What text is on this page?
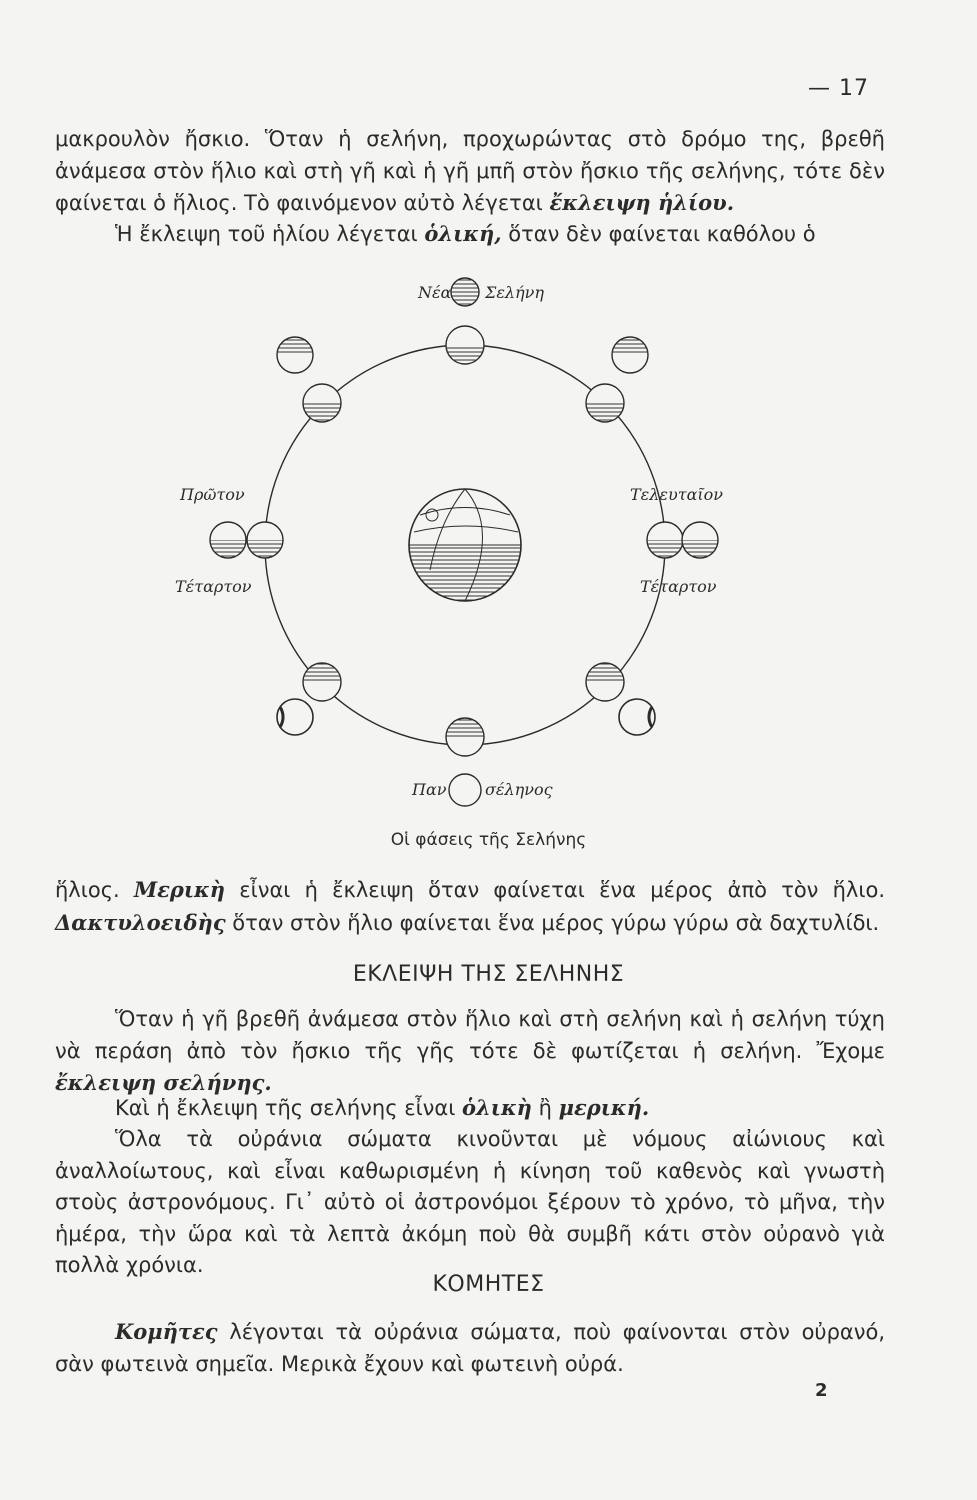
— 17

μακρουλὸν ἤσκιο. Ὅταν ἡ σελήνη, προχωρώντας στὸ δρόμο της, βρεθῆ ἀνάμεσα στὸν ἥλιο καὶ στὴ γῆ καὶ ἡ γῆ μπῆ στὸν ἤσκιο τῆς σελήνης, τότε δὲν φαίνεται ὁ ἥλιος. Τὸ φαινόμενον αὐτὸ λέγεται ἔκλειψη ἡλίου.

Ἡ ἔκλειψη τοῦ ἡλίου λέγεται ὁλική, ὅταν δὲν φαίνεται καθόλου ὁ

Νέα Σελήνη
Πρῶτον
Τέταρτον
Τελευταῖον
Τέταρτον
Παν σέληνος
Οἱ φάσεις τῆς Σελήνης

ἥλιος. Μερικὴ εἶναι ἡ ἔκλειψη ὅταν φαίνεται ἕνα μέρος ἀπὸ τὸν ἥλιο. Δακτυλοειδὴς ὅταν στὸν ἥλιο φαίνεται ἕνα μέρος γύρω γύρω σὰ δαχτυλίδι.

ΕΚΛΕΙΨΗ ΤΗΣ ΣΕΛΗΝΗΣ

Ὅταν ἡ γῆ βρεθῆ ἀνάμεσα στὸν ἥλιο καὶ στὴ σελήνη καὶ ἡ σελήνη τύχη νὰ περάση ἀπὸ τὸν ἤσκιο τῆς γῆς τότε δὲ φωτίζεται ἡ σελήνη. Ἔχομε ἔκλειψη σελήνης.

Καὶ ἡ ἔκλειψη τῆς σελήνης εἶναι ὁλικὴ ἢ μερική.

Ὅλα τὰ οὐράνια σώματα κινοῦνται μὲ νόμους αἰώνιους καὶ ἀναλλοίωτους, καὶ εἶναι καθωρισμένη ἡ κίνηση τοῦ καθενὸς καὶ γνωστὴ στοὺς ἀστρονόμους. Γι᾽ αὐτὸ οἱ ἀστρονόμοι ξέρουν τὸ χρόνο, τὸ μῆνα, τὴν ἡμέρα, τὴν ὥρα καὶ τὰ λεπτὰ ἀκόμη ποὺ θὰ συμβῆ κάτι στὸν οὐρανὸ γιὰ πολλὰ χρόνια.

ΚΟΜΗΤΕΣ

Κομῆτες λέγονται τὰ οὐράνια σώματα, ποὺ φαίνονται στὸν οὐρανό, σὰν φωτεινὰ σημεῖα. Μερικὰ ἔχουν καὶ φωτεινὴ οὐρά.

2
